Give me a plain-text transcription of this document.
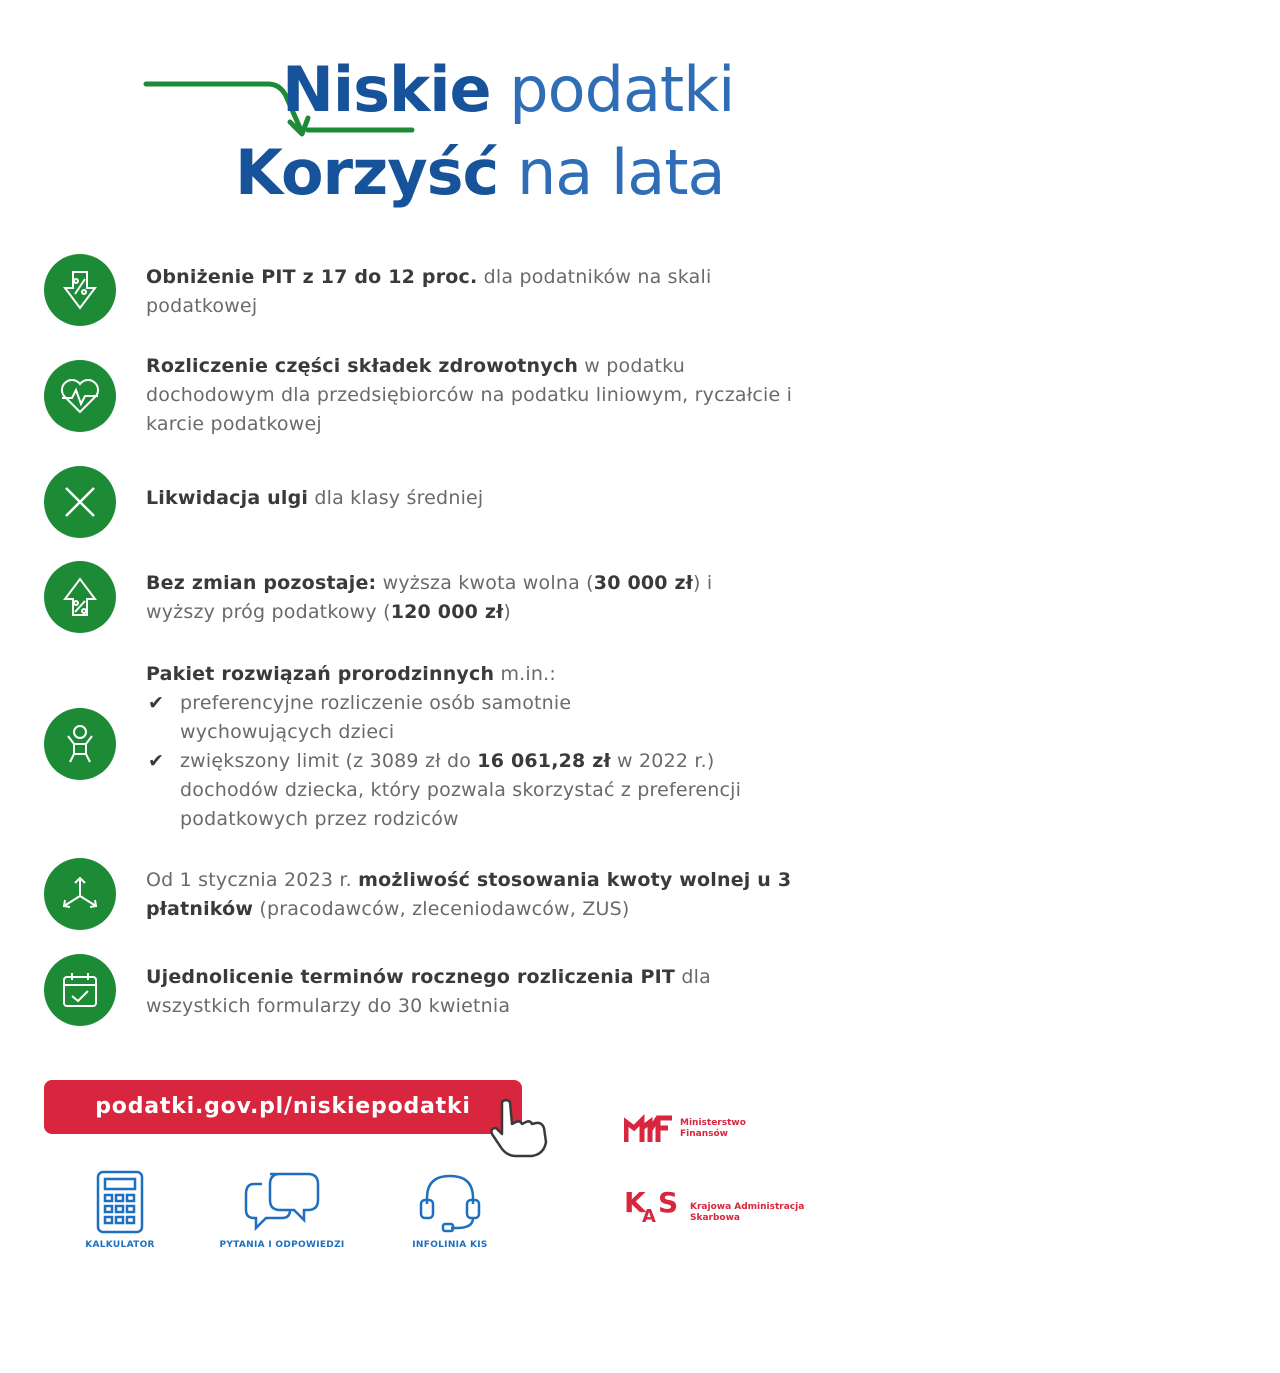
Niskie podatki
Korzyść na lata
Obniżenie PIT z 17 do 12 proc. dla podatników na skali podatkowej
Rozliczenie części składek zdrowotnych w podatku dochodowym dla przedsiębiorców na podatku liniowym, ryczałcie i karcie podatkowej
Likwidacja ulgi dla klasy średniej
Bez zmian pozostaje: wyższa kwota wolna (30 000 zł) i wyższy próg podatkowy (120 000 zł)
Pakiet rozwiązań prorodzinnych m.in.:
✔ preferencyjne rozliczenie osób samotnie wychowujących dzieci
✔ zwiększony limit (z 3089 zł do 16 061,28 zł w 2022 r.) dochodów dziecka, który pozwala skorzystać z preferencji podatkowych przez rodziców
Od 1 stycznia 2023 r. możliwość stosowania kwoty wolnej u 3 płatników (pracodawców, zleceniodawców, ZUS)
Ujednolicenie terminów rocznego rozliczenia PIT dla wszystkich formularzy do 30 kwietnia
podatki.gov.pl/niskiepodatki
KALKULATOR	PYTANIA I ODPOWIEDZI	INFOLINIA KIS
Ministerstwo
Finansów
K
A S Krajowa Administracja
Skarbowa
